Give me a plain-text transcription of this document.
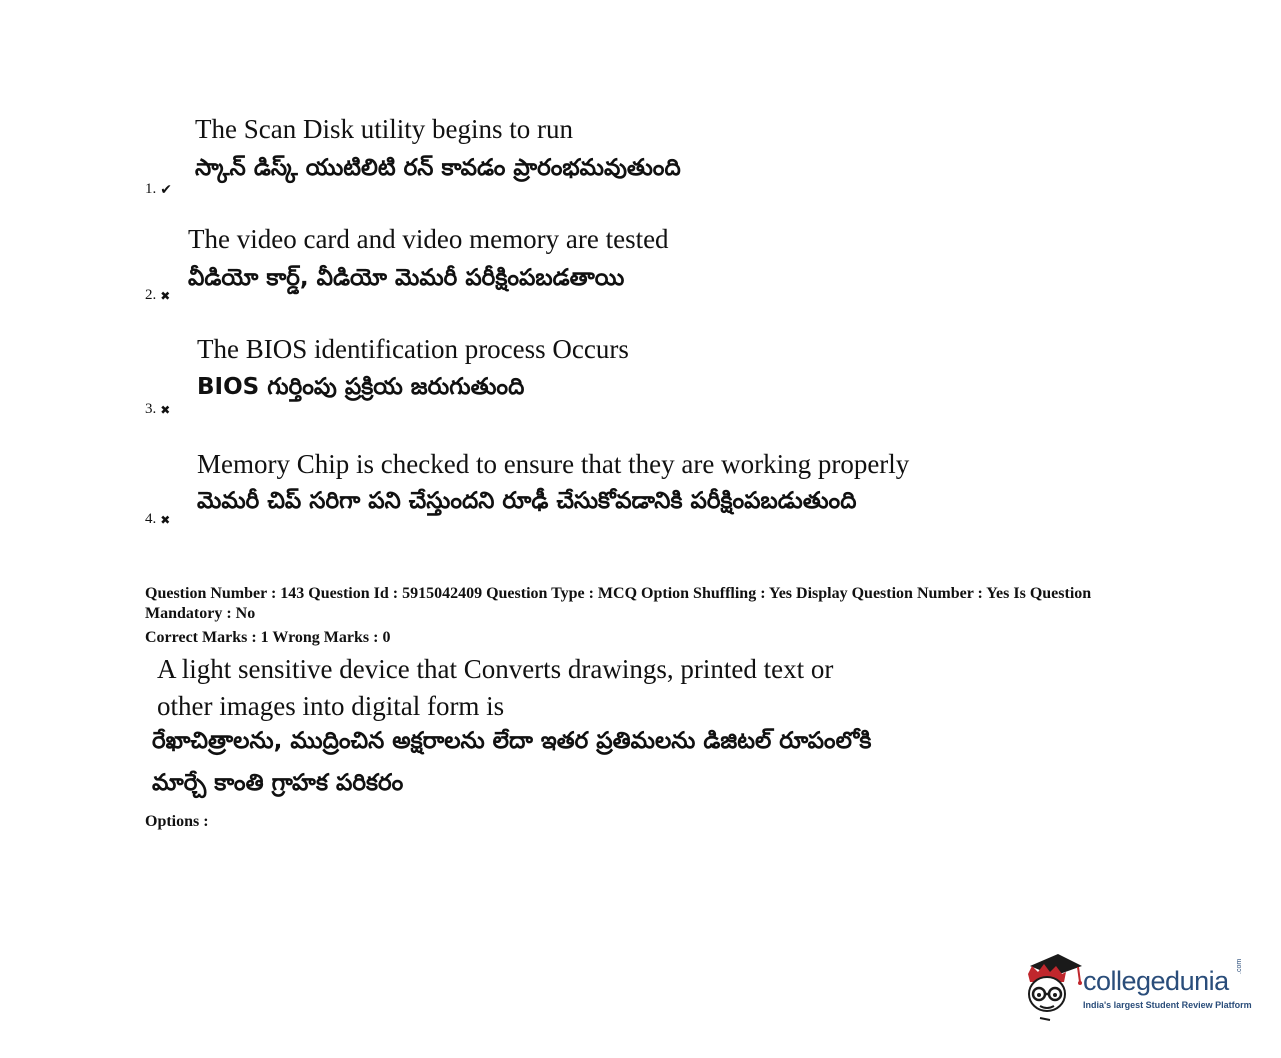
The Scan Disk utility begins to run
స్కాన్ డిస్క్ యుటిలిటి రన్ కావడం ప్రారంభమవుతుంది
1. ✔
The video card and video memory are tested
వీడియో కార్డ్, వీడియో మెమరీ పరీక్షింపబడతాయి
2. ✖
The BIOS identification process Occurs
BIOS గుర్తింపు ప్రక్రియ జరుగుతుంది
3. ✖
Memory Chip is checked to ensure that they are working properly
మెమరీ చిప్ సరిగా పని చేస్తుందని రూఢీ చేసుకోవడానికి పరీక్షింపబడుతుంది
4. ✖
Question Number : 143 Question Id : 5915042409 Question Type : MCQ Option Shuffling : Yes Display Question Number : Yes Is Question Mandatory : No
Correct Marks : 1 Wrong Marks : 0
A light sensitive device that Converts drawings, printed text or
other images into digital form is
రేఖాచిత్రాలను, ముద్రించిన అక్షరాలను లేదా ఇతర ప్రతిమలను డిజిటల్ రూపంలోకి
మార్చే కాంతి గ్రాహక పరికరం
Options :
collegedunia .com
India's largest Student Review Platform
